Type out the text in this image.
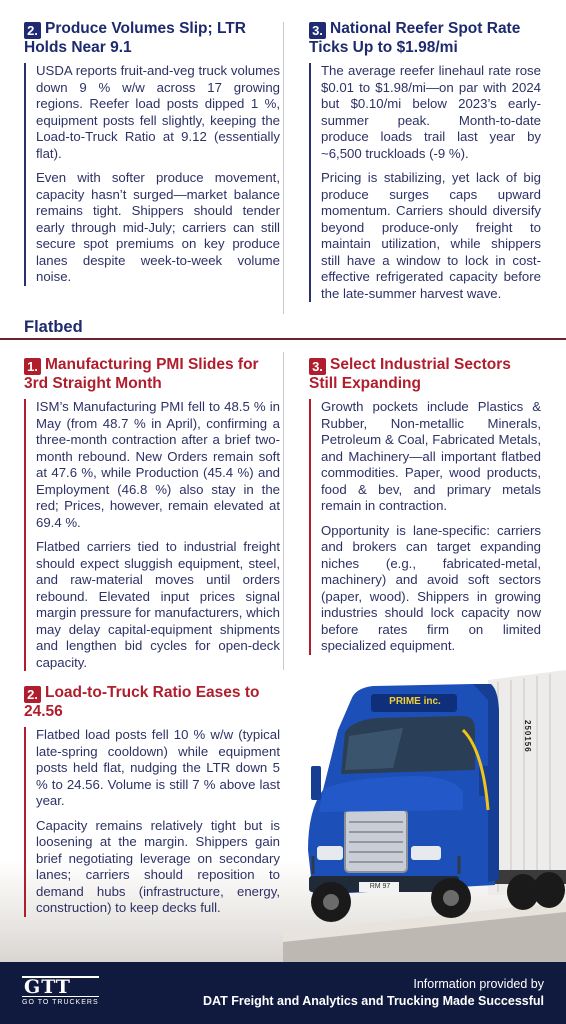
2. Produce Volumes Slip; LTR Holds Near 9.1

USDA reports fruit-and-veg truck volumes down 9 % w/w across 17 growing regions. Reefer load posts dipped 1 %, equipment posts fell slightly, keeping the Load-to-Truck Ratio at 9.12 (essentially flat).

Even with softer produce movement, capacity hasn’t surged—market balance remains tight. Shippers should tender early through mid-July; carriers can still secure spot premiums on key produce lanes despite week-to-week volume noise.

3. National Reefer Spot Rate Ticks Up to $1.98/mi

The average reefer linehaul rate rose $0.01 to $1.98/mi—on par with 2024 but $0.10/mi below 2023’s early-summer peak. Month-to-date produce loads trail last year by ~6,500 truckloads (-9 %).

Pricing is stabilizing, yet lack of big produce surges caps upward momentum. Carriers should diversify beyond produce-only freight to maintain utilization, while shippers still have a window to lock in cost-effective refrigerated capacity before the late-summer harvest wave.

Flatbed
1. Manufacturing PMI Slides for 3rd Straight Month

ISM’s Manufacturing PMI fell to 48.5 % in May (from 48.7 % in April), confirming a three-month contraction after a brief two-month rebound. New Orders remain soft at 47.6 %, while Production (45.4 %) and Employment (46.8 %) also stay in the red; Prices, however, remain elevated at 69.4 %.

Flatbed carriers tied to industrial freight should expect sluggish equipment, steel, and raw-material moves until orders rebound. Elevated input prices signal margin pressure for manufacturers, which may delay capital-equipment shipments and lengthen bid cycles for open-deck capacity.

3. Select Industrial Sectors Still Expanding

Growth pockets include Plastics & Rubber, Non-metallic Minerals, Petroleum & Coal, Fabricated Metals, and Machinery—all important flatbed commodities. Paper, wood products, food & bev, and primary metals remain in contraction.

Opportunity is lane-specific: carriers and brokers can target expanding niches (e.g., fabricated-metal, machinery) and avoid soft sectors (paper, wood). Shippers in growing industries should lock capacity now before rates firm on limited specialized equipment.

2. Load-to-Truck Ratio Eases to 24.56

Flatbed load posts fell 10 % w/w (typical late-spring cooldown) while equipment posts held flat, nudging the LTR down 5 % to 24.56. Volume is still 7 % above last year.

Capacity remains relatively tight but is loosening at the margin. Shippers gain brief negotiating leverage on secondary lanes; carriers should reposition to demand hubs (infrastructure, energy, construction) to keep decks full.

PRIME inc.
250156
RM 97
GTT
GO TO TRUCKERS
Information provided by
DAT Freight and Analytics and Trucking Made Successful
